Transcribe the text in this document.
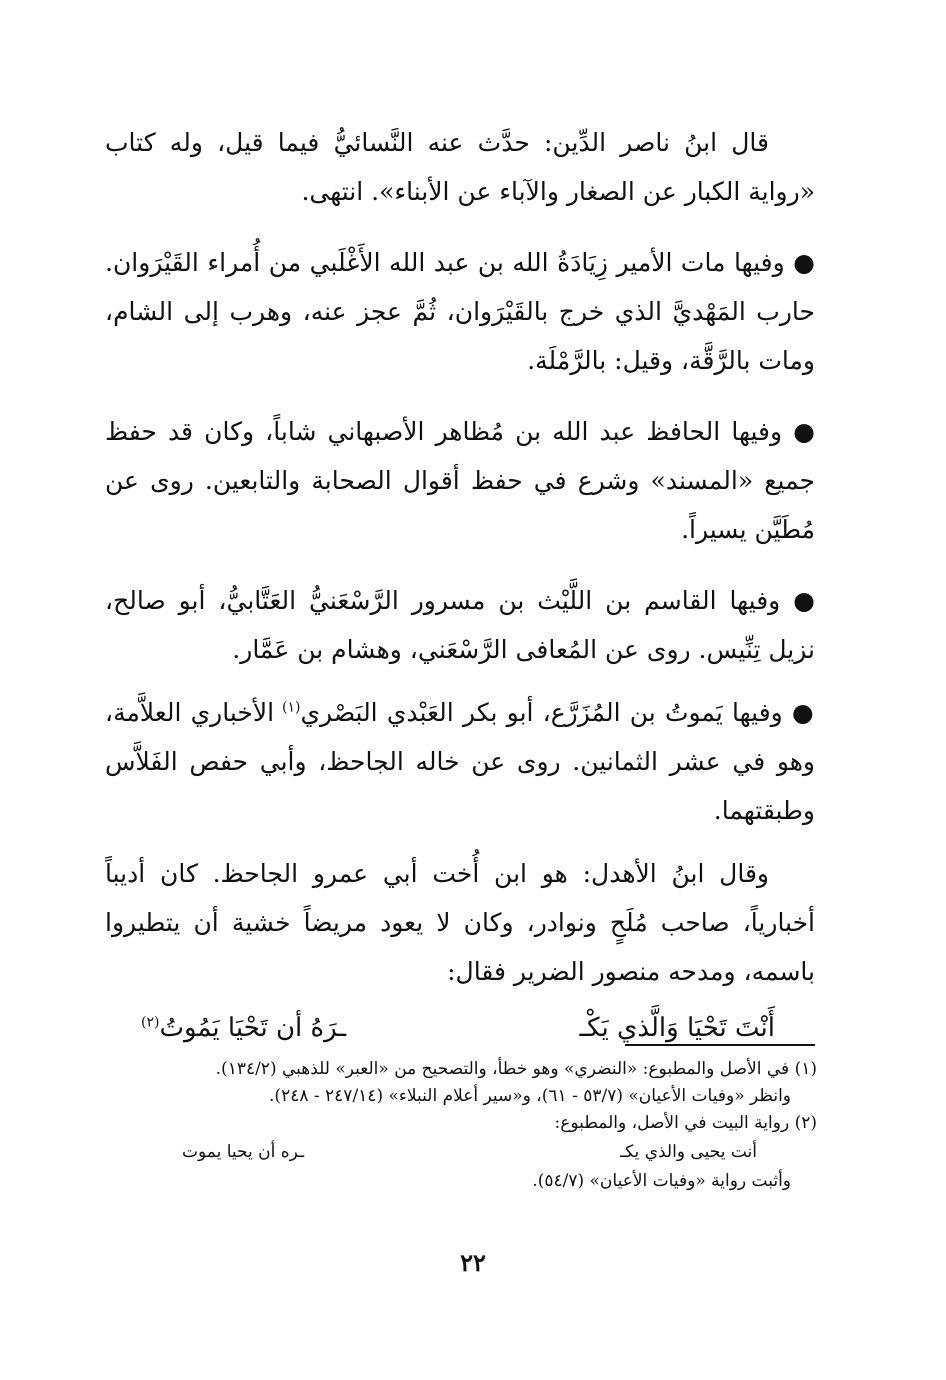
قال ابنُ ناصر الدِّين: حدَّث عنه النَّسائيُّ فيما قيل، وله كتاب «رواية الكبار عن الصغار والآباء عن الأبناء». انتهى.

● وفيها مات الأمير زِيَادَةُ الله بن عبد الله الأَغْلَبي من أُمراء القَيْرَوان. حارب المَهْديَّ الذي خرج بالقَيْرَوان، ثُمَّ عجز عنه، وهرب إلى الشام، ومات بالرَّقَّة، وقيل: بالرَّمْلَة.

● وفيها الحافظ عبد الله بن مُظاهر الأصبهاني شاباً، وكان قد حفظ جميع «المسند» وشرع في حفظ أقوال الصحابة والتابعين. روى عن مُطَيَّن يسيراً.

● وفيها القاسم بن اللَّيْث بن مسرور الرَّسْعَنيُّ العَتَّابيُّ، أبو صالح، نزيل تِنِّيس. روى عن المُعافى الرَّسْعَني، وهشام بن عَمَّار.

● وفيها يَموتُ بن المُزَرَّع، أبو بكر العَبْدي البَصْري$^{(١)}$ الأخباري العلاَّمة، وهو في عشر الثمانين. روى عن خاله الجاحظ، وأبي حفص الفَلاَّس وطبقتهما.

وقال ابنُ الأهدل: هو ابن أُخت أبي عمرو الجاحظ. كان أديباً أخبارياً، صاحب مُلَحٍ ونوادر، وكان لا يعود مريضاً خشية أن يتطيروا باسمه، ومدحه منصور الضرير فقال:

أَنْتَ تَحْيَا وَالَّذي يَكْـ
ـرَهُ أن تَحْيَا يَمُوتُ$^{(٢)}$

(١) في الأصل والمطبوع: «النضري» وهو خطأ، والتصحيح من «العبر» للذهبي (١٣٤/٢).

وانظر «وفيات الأعيان» (٥٣/٧ - ٦١)، و«سير أعلام النبلاء» (٢٤٧/١٤ - ٢٤٨).

(٢) رواية البيت في الأصل، والمطبوع:

أنت يحيى والذي يكـ
ـره أن يحيا يموت

وأثبت رواية «وفيات الأعيان» (٥٤/٧).

٢٢
